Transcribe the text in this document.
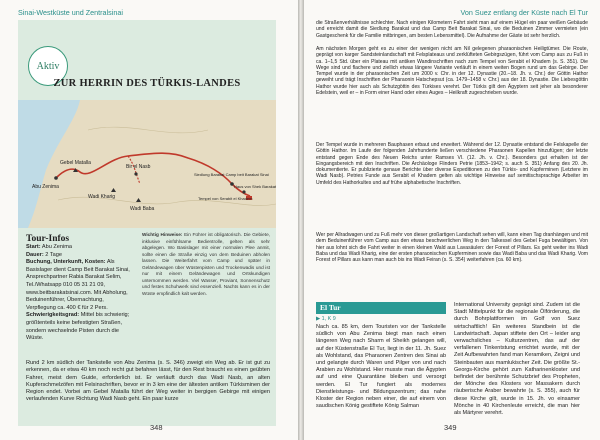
Sinai-Westküste und Zentralsinai
Aktiv
ZUR HERRIN DES TÜRKIS-LANDES
Abu Zenima
Gebel Matalla
Bir el Nasb
Wadi Kharig
Wadi Baba
Siedlung Barakat Camp beit Barakat Sinai
Haus von Shek Barakat
Tempel von Serabit el Khadem
Tour-Infos
Start: Abu Zenima
Dauer: 2 Tage
Buchung, Unterkunft, Kosten: Als Basislager dient Camp Beit Barakat Sinai, Ansprechpartner Rabia Barakat Selim, Tel./Whatsapp 010 05 31 21 09, www.beitbarakatsinai.com. Mit Abholung, Beduinenführer, Übernachtung, Verpflegung ca. 400 € für 2 Pers.
Schwierigkeitsgrad: Mittel bis schwierig; größtenteils keine befestigten Straßen, sondern wechselnde Pisten durch die Wüste.
Wichtig Hinweise: Ein Führer ist obligatorisch. Die Gebiete, inklusive einfühlsame Bedientrolle, gelten als sehr abgelegen. Wo Basislager mit einer normalen Plee anmit, sollte einen die Straße einzig von dem Beduinen abholen lassen. Die Weiterfahrt vom Camp und später in Geländewagen über Wüstenpisten und Trockenwadis und ist nur mit einem Geländewagen und Ortskundigen unternommen werden. Viel Wasser, Proviant, Sonnenschutz und festes Schuhwerk sind essenziell. Nachts kann es in der Wüste empfindlich kalt werden.
Rund 2 km südlich der Tankstelle von Abu Zenima (s. S. 346) zweigt ein Weg ab. Er ist gut zu erkennen, da er etwa 40 km noch recht gut befahren lässt, für den Rest braucht es einen geübten Fahrer, meist dem Guide, erforderlich ist. Er verläuft durch das Wadi Nasb, an alten Kupferschmelzöfen mit Felsinschriften, bevor er in 3 km eine der ältesten antiken Türkisminen der Region endet. Vorbei am Gebel Matalla führt der Weg weiter in bergigen Gebirge mit einigen verlaufenden Kurve Richtung Wadi Nasb geht. Ein paar kurze
348
Von Suez entlang der Küste nach El Tur
die Straßenverhältnisse schlechter. Nach einigen Kilometern Fahrt sieht man auf einem Hügel ein paar weißen Gebäude und erreicht damit die Siedlung Barakat und das Camp Beit Barakat Sinai, wo die Beduinen Zimmer vermieten (ein Gastgeschenk für die Familie mitbringen, am besten Lebensmittel). Die Aufnahme der Gäste ist sehr herzlich.
Am nächsten Morgen geht es zu einer der wenigen nicht am Nil gelegenen pharaonischen Heiligtümer. Die Route, geprägt von karger Sandsteinlandschaft mit Felsplateaus und zerklüfteten Gebirgszügen, führt vom Camp aus zu Fuß in ca. 1–1,5 Std. über ein Plateau mit antiken Wandinschriften nach zum Tempel von Serabit el Khadem (s. S. 351). Die Wege sind und flachere und ziellich etwas längere Variante verläuft in einem weiten Bogen rund um das Gebirge. Der Tempel wurde in der pharaonischen Zeit um 2000 v. Chr. in der 12. Dynastie (20.–18. Jh. v. Chr.) der Göttin Hathor geweiht und trägt Inschriften der Pharaonin Hatschepsut (ca. 1479–1458 v. Chr.) aus der 18. Dynastie. Die Liebesgöttin Hathor wurde hier auch als Schutzgöttin des Türkises verehrt. Der Türkis gilt den Ägyptern seit jeher als besonderer Edelstein, weil er – in Form einer Hand oder eines Auges – Heilkraft zugeschrieben wurde.
Der Tempel wurde in mehreren Bauphasen erbaut und erweitert. Während der 12. Dynastie entstand die Felskapelle der Göttin Hathor. Im Laufe der folgenden Jahrhunderte ließen verschiedene Pharaonen Kapellen hinzufügen; der letzte entstand gegen Ende des Neuen Reichs unter Ramses VI. (12. Jh. v. Chr.). Besonders gut erhalten ist der Eingangsbereich mit den Inschriften. Die Archäologe Flinders Petrie (1853–1942; s. auch S. 351) Anfang des 20. Jh. dokumentierte. Er publizierte genaue Berichte über diverse Expeditionen zu den Türkis- und Kupferminen (Letztere im Wadi Nasb). Petries Funde aus Serabit el Khadem gelten als wichtige Hinweise auf semitischsprachige Arbeiter im Umfeld des Hathorkultes und auf frühe alphabetische Inschriften.
Wer per Allradwagen und zu Fuß mehr von dieser großartigen Landschaft sehen will, kann einen Tag dranhängen und mit dem Beduinenführer vom Camp aus den etwas beschwerlichen Weg in den Talkessel des Gebel Fuga bewältigen. Von hier aus lohnt sich die Fahrt weiter in einen kleinen Wald aus Lavasäulen: der Forest of Pillars. Es geht weiter ins Wadi Baba und das Wadi Kharig, eine der ersten pharaonischen Kupferminen sowie das Wadi Baba und das Wadi Kharig. Vom Forest of Pillars aus kann man auch bis ins Wadi Feiran (s. S. 354) weiterfahren (ca. 60 km).
El Tur
▶ 1, K 9
Nach ca. 85 km, dem Touristen vor der Tankstelle südlich von Abu Zenima biegt man nach einen längeren Weg nach Sharm el Sheikh gelangen will, auf der Küstenstraße El Tur, liegt in der 11. Jh. Suez als Wohlstand, das Pharaonen Zentren des Sinai ab und gelangte durch Waren und Pilger von und nach Arabien zu Wohlstand. Hier musste man die Ägypten auf und eine Quarantäne bleiben und versorgt werden. El Tur fungiert als modernes Dienstleistungs- und Bildungszentrum; das nahe Kloster der Region neben einer, die auf einem von saudischen König gestiftete König Salman
International University geprägt sind. Zudem ist die Stadt Mittelpunkt für die regionale Ölförderung, die durch Bohrplattformen im Golf von Suez wirtschaftlich! Ein weiteres Standbein ist die Landwirtschaft. Japan stiftete den Ort – leider ang verwachsliches – Kulturzentren, das auf der verfallenen Tinkentstung errichtet wurde, mit der Zeit Aufbewahrten fand man Keramiken, Zeigni und Steinbauten aus mamlukischer Zeit. Die größte St.-Georgs-Kirche gehört zum Katharinenkloster und befindet der berühmte Schutzbrief des Propheten, der Mönche des Klosters vor Massakern durch räuberische Araber bewahrte (s. S. 355), auch für diese Kirche gilt, wurde in 15. Jh. vo einsamer Mönche in 40 Kirchenleute erreicht, die man hier als Märtyrer verehrt.
349
